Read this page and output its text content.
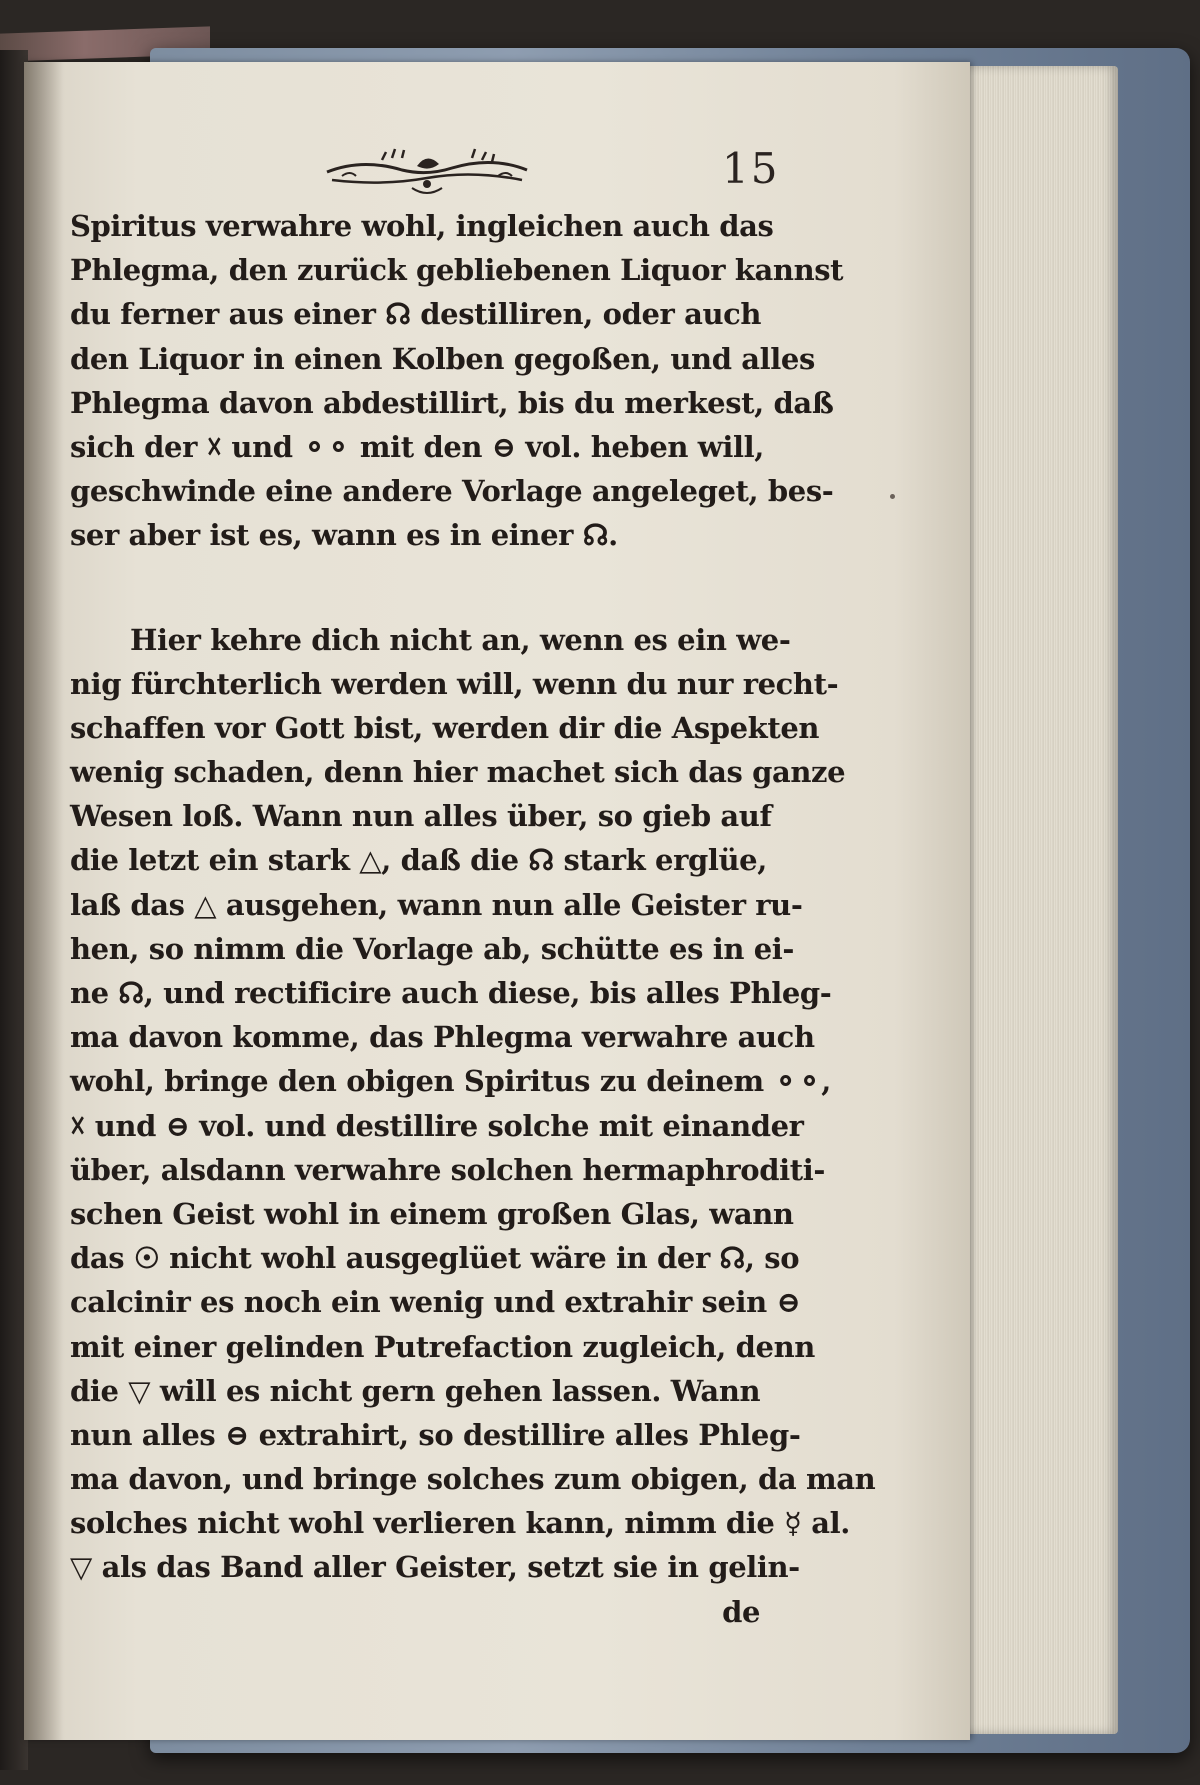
15
Spiritus verwahre wohl, ingleichen auch das
Phlegma, den zurück gebliebenen Liquor kannst
du ferner aus einer ☊ destilliren, oder auch
den Liquor in einen Kolben gegoßen, und alles
Phlegma davon abdestillirt, bis du merkest, daß
sich der ☓ und ⚬⚬ mit den ⊖ vol. heben will,
geschwinde eine andere Vorlage angeleget, bes-
ser aber ist es, wann es in einer ☊.
Hier kehre dich nicht an, wenn es ein we-
nig fürchterlich werden will, wenn du nur recht-
schaffen vor Gott bist, werden dir die Aspekten
wenig schaden, denn hier machet sich das ganze
Wesen loß. Wann nun alles über, so gieb auf
die letzt ein stark △, daß die ☊ stark erglüe,
laß das △ ausgehen, wann nun alle Geister ru-
hen, so nimm die Vorlage ab, schütte es in ei-
ne ☊, und rectificire auch diese, bis alles Phleg-
ma davon komme, das Phlegma verwahre auch
wohl, bringe den obigen Spiritus zu deinem ⚬⚬,
☓ und ⊖ vol. und destillire solche mit einander
über, alsdann verwahre solchen hermaphroditi-
schen Geist wohl in einem großen Glas, wann
das ☉ nicht wohl ausgeglüet wäre in der ☊, so
calcinir es noch ein wenig und extrahir sein ⊖
mit einer gelinden Putrefaction zugleich, denn
die ▽ will es nicht gern gehen lassen. Wann
nun alles ⊖ extrahirt, so destillire alles Phleg-
ma davon, und bringe solches zum obigen, da man
solches nicht wohl verlieren kann, nimm die ☿ al.
▽ als das Band aller Geister, setzt sie in gelin-
de
